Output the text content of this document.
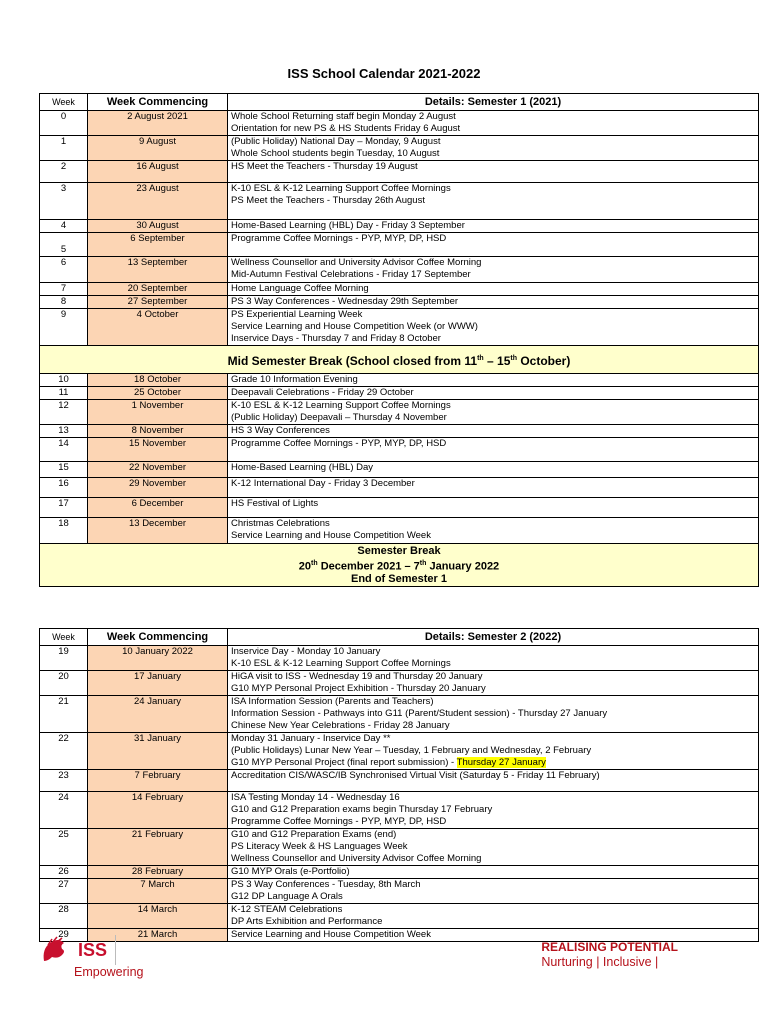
ISS School Calendar 2021-2022
Week	Week Commencing	Details: Semester 1 (2021)
0	2 August 2021	Whole School Returning staff begin Monday 2 August
Orientation for new PS & HS Students Friday 6 August

1	9 August	(Public Holiday) National Day – Monday, 9 August
Whole School students begin Tuesday, 10 August

2	16 August	HS Meet the Teachers - Thursday 19 August

3	23 August	K-10 ESL & K-12 Learning Support Coffee Mornings
PS Meet the Teachers - Thursday 26th August

4	30 August	Home-Based Learning (HBL) Day - Friday 3 September

5	6 September	Programme Coffee Mornings - PYP, MYP, DP, HSD

6	13 September	Wellness Counsellor and University Advisor Coffee Morning
Mid-Autumn Festival Celebrations - Friday 17 September

7	20 September	Home Language Coffee Morning

8	27 September	PS 3 Way Conferences - Wednesday 29th September

9	4 October	PS Experiential Learning Week
Service Learning and House Competition Week (or WWW)
Inservice Days - Thursday 7 and Friday 8 October

Mid Semester Break (School closed from 11th – 15th October)		
10	18 October	Grade 10 Information Evening

11	25 October	Deepavali Celebrations - Friday 29 October

12	1 November	K-10 ESL & K-12 Learning Support Coffee Mornings
(Public Holiday) Deepavali – Thursday 4 November

13	8 November	HS 3 Way Conferences

14	15 November	Programme Coffee Mornings - PYP, MYP, DP, HSD

15	22 November	Home-Based Learning (HBL) Day

16	29 November	K-12 International Day - Friday 3 December

17	6 December	HS Festival of Lights

18	13 December	Christmas Celebrations
Service Learning and House Competition Week

Semester Break
20th December 2021 – 7th January 2022
End of Semester 1		
Week	Week Commencing	Details: Semester 2 (2022)
19	10 January 2022	Inservice Day - Monday 10 January
K-10 ESL & K-12 Learning Support Coffee Mornings

20	17 January	HiGA visit to ISS - Wednesday 19 and Thursday 20 January
G10 MYP Personal Project Exhibition - Thursday 20 January

21	24 January	ISA Information Session (Parents and Teachers)
Information Session - Pathways into G11 (Parent/Student session) - Thursday 27 January
Chinese New Year Celebrations - Friday 28 January

22	31 January	Monday 31 January - Inservice Day **
(Public Holidays) Lunar New Year – Tuesday, 1 February and Wednesday, 2 February
G10 MYP Personal Project (final report submission) - Thursday 27 January

23	7 February	Accreditation CIS/WASC/IB Synchronised Virtual Visit (Saturday 5 - Friday 11 February)

24	14 February	ISA Testing Monday 14 - Wednesday 16
G10 and G12 Preparation exams begin Thursday 17 February
Programme Coffee Mornings - PYP, MYP, DP, HSD

25	21 February	G10 and G12 Preparation Exams (end)
PS Literacy Week & HS Languages Week
Wellness Counsellor and University Advisor Coffee Morning

26	28 February	G10 MYP Orals (e-Portfolio)

27	7 March	PS 3 Way Conferences - Tuesday, 8th March
G12 DP Language A Orals

28	14 March	K-12 STEAM Celebrations
DP Arts Exhibition and Performance

29	21 March	Service Learning and House Competition Week
ISS
Empowering
REALISING POTENTIAL
Nurturing | Inclusive |
